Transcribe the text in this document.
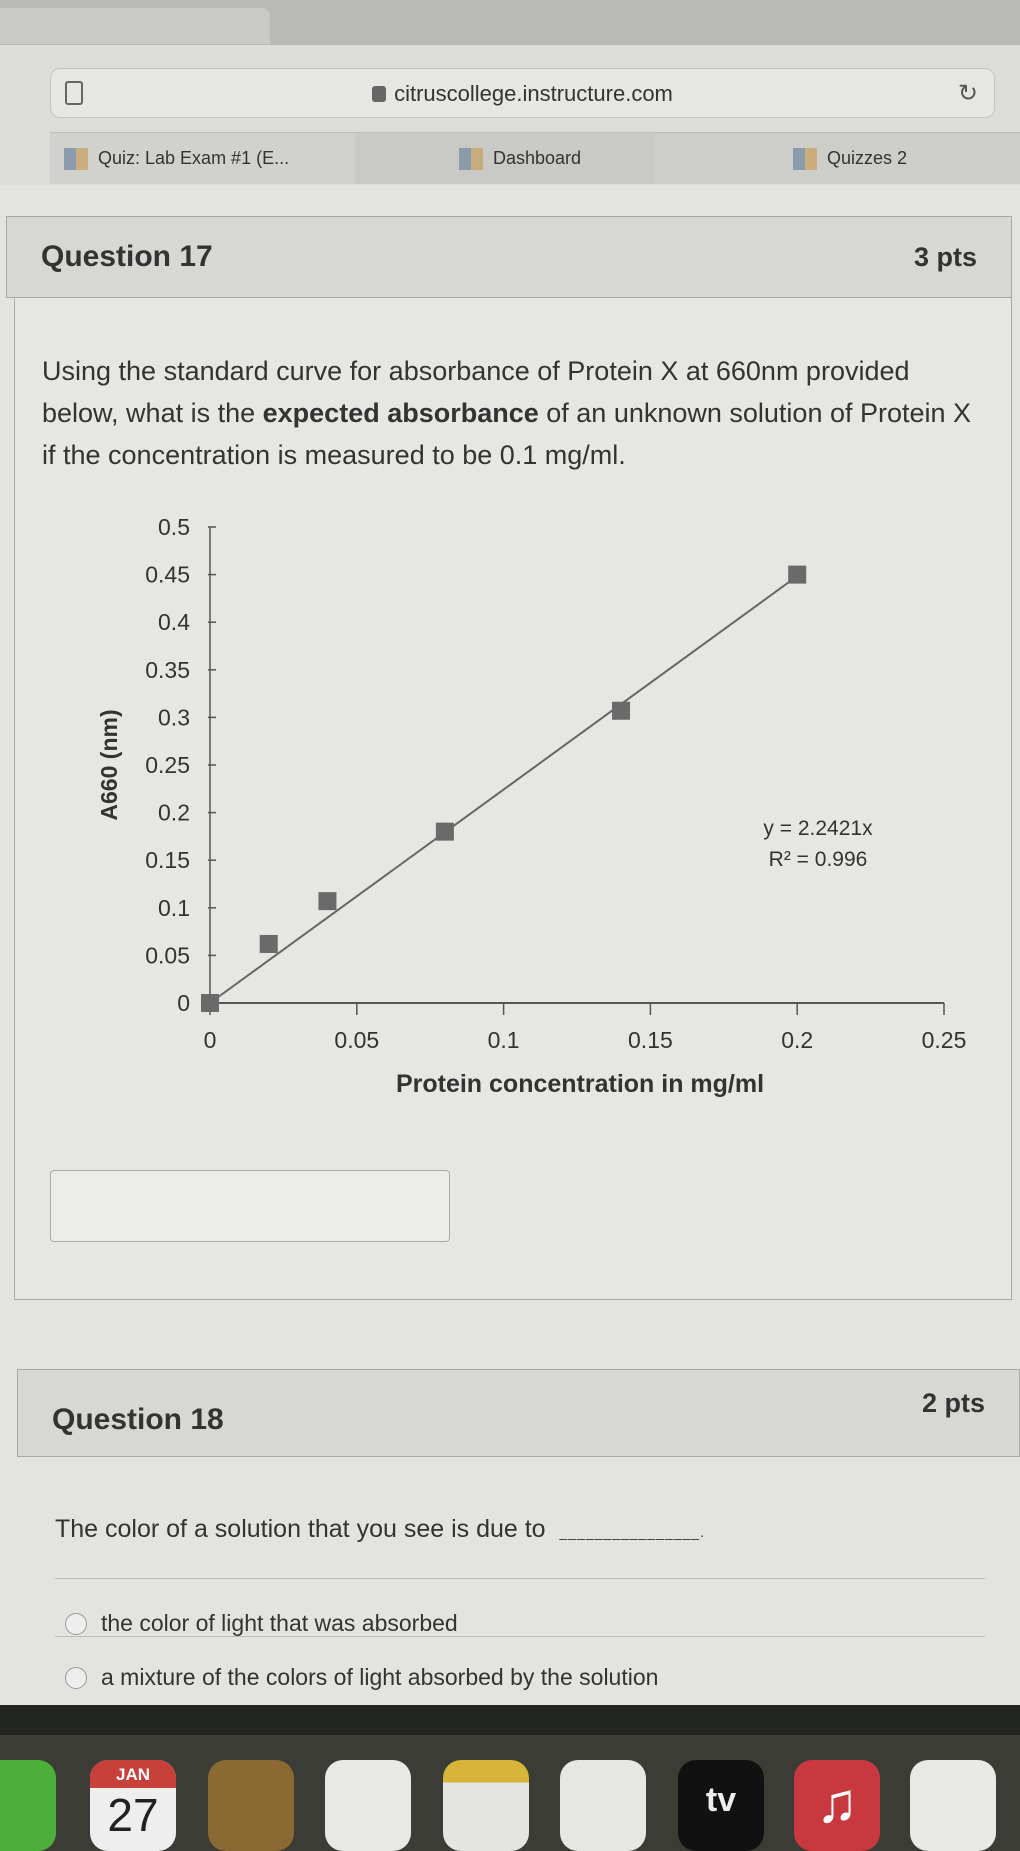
citruscollege.instructure.com	↻
Quiz: Lab Exam #1 (E...	Dashboard	Quizzes 2
Question 17	3 pts
Using the standard curve for absorbance of Protein X at 660nm provided below, what is the expected absorbance of an unknown solution of Protein X if the concentration is measured to be 0.1 mg/ml.
0
0.05
0.1
0.15
0.2
0.25
0.3
0.35
0.4
0.45
0.5
0	0.05	0.1	0.15	0.2	0.25
y = 2.2421x
R² = 0.996
Protein concentration in mg/ml
A660 (nm)
Question 18
2 pts
The color of a solution that you see is due to ________________.
the color of light that was absorbed
a mixture of the colors of light absorbed by the solution
JAN
27	tv	♫
